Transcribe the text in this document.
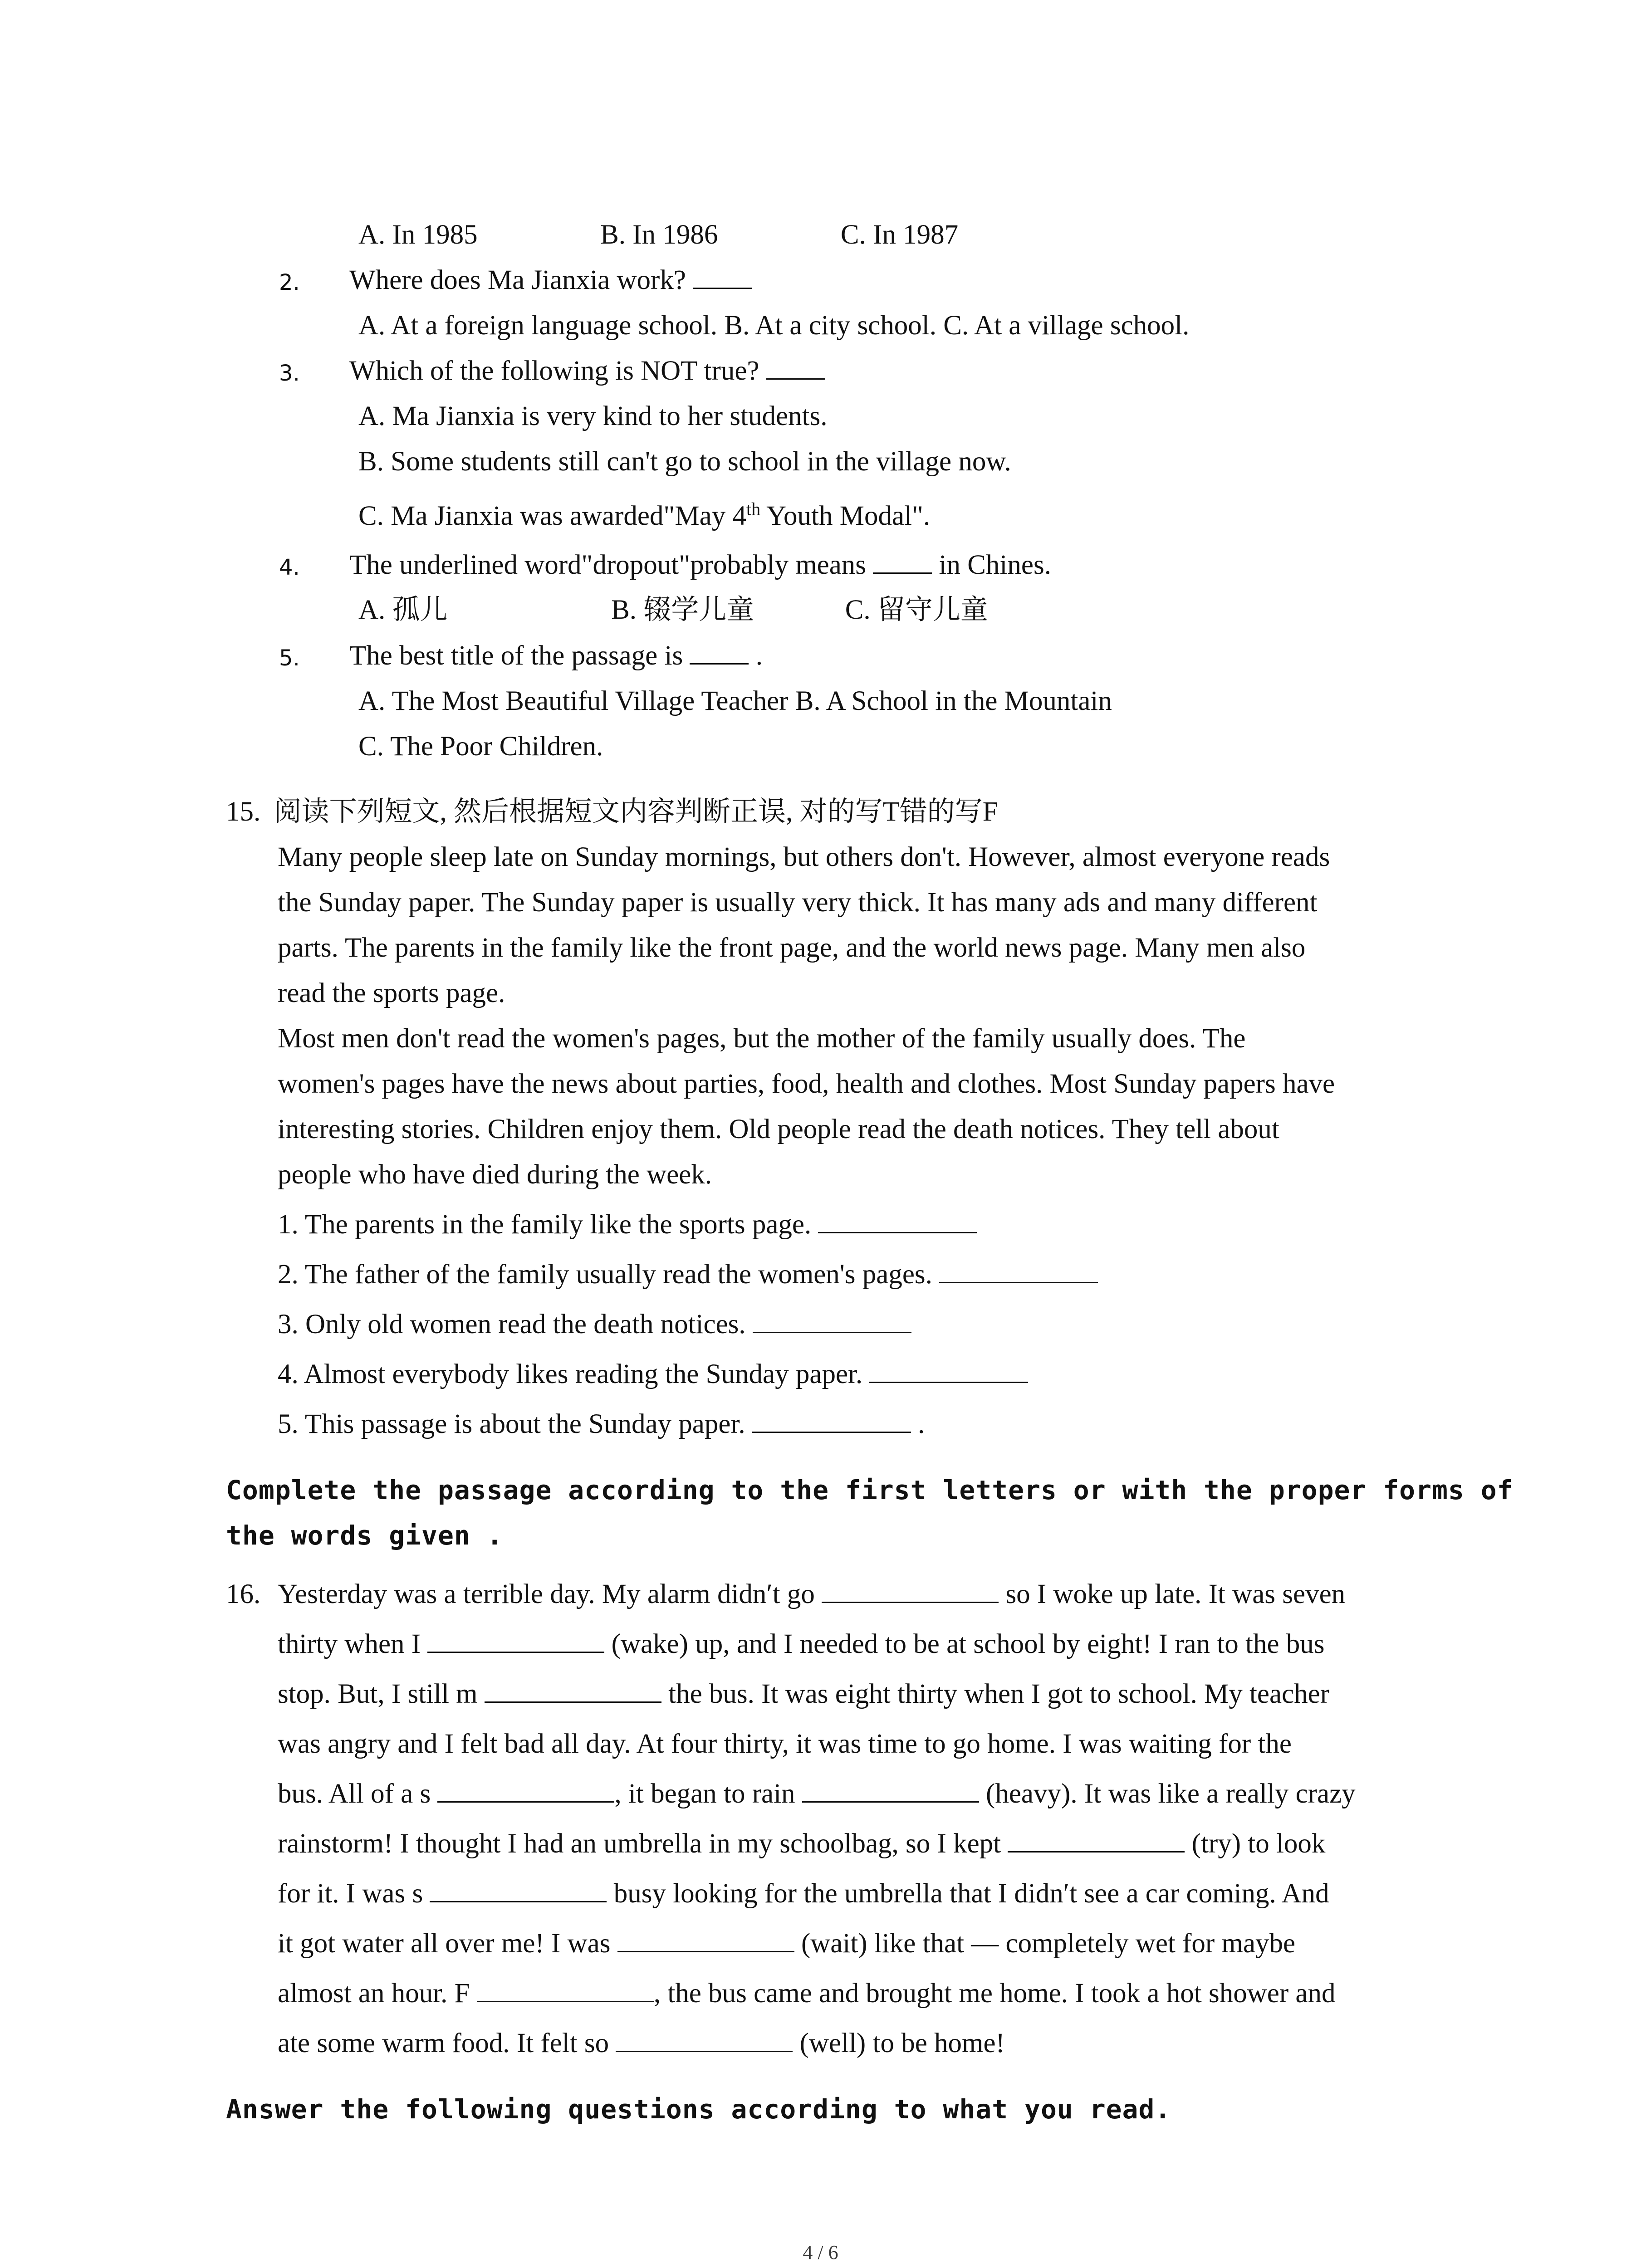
A. In 1985	B. In 1986	C. In 1987
2. Where does Ma Jianxia work?
A. At a foreign language school. B. At a city school. C. At a village school.
3. Which of the following is NOT true?
A. Ma Jianxia is very kind to her students.
B. Some students still can't go to school in the village now.
C. Ma Jianxia was awarded"May 4th Youth Modal".
4. The underlined word"dropout"probably means	in Chines.
A. 孤儿	B. 辍学儿童	C. 留守儿童
5. The best title of the passage is	.
A. The Most Beautiful Village Teacher B. A School in the Mountain
C. The Poor Children.
15. 阅读下列短文, 然后根据短文内容判断正误, 对的写T错的写F
Many people sleep late on Sunday mornings, but others don't. However, almost everyone reads
the Sunday paper. The Sunday paper is usually very thick. It has many ads and many different
parts. The parents in the family like the front page, and the world news page. Many men also
read the sports page.
Most men don't read the women's pages, but the mother of the family usually does. The
women's pages have the news about parties, food, health and clothes. Most Sunday papers have
interesting stories. Children enjoy them. Old people read the death notices. They tell about
people who have died during the week.
1. The parents in the family like the sports page.
2. The father of the family usually read the women's pages.
3. Only old women read the death notices.
4. Almost everybody likes reading the Sunday paper.
5. This passage is about the Sunday paper.	.
Complete the passage according to the first letters or with the proper forms of
the words given .
16. Yesterday was a terrible day. My alarm didn′t go	so I woke up late. It was seven
thirty when I	(wake) up, and I needed to be at school by eight! I ran to the bus
stop. But, I still m	the bus. It was eight thirty when I got to school. My teacher
was angry and I felt bad all day. At four thirty, it was time to go home. I was waiting for the
bus. All of a s	, it began to rain	(heavy). It was like a really crazy
rainstorm! I thought I had an umbrella in my schoolbag, so I kept	(try) to look
for it. I was s	busy looking for the umbrella that I didn′t see a car coming. And
it got water all over me! I was	(wait) like that — completely wet for maybe
almost an hour. F	, the bus came and brought me home. I took a hot shower and
ate some warm food. It felt so	(well) to be home!
Answer the following questions according to what you read.
4 / 6
